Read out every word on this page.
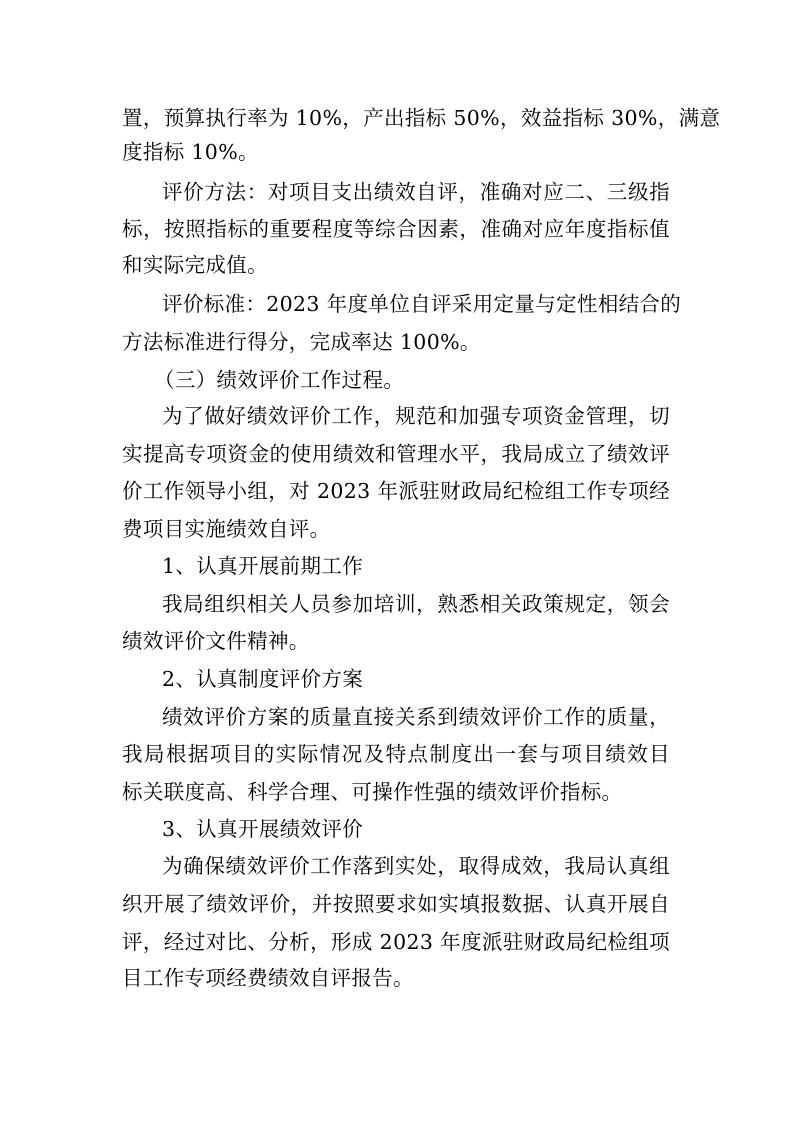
置，预算执行率为 10%，产出指标 50%，效益指标 30%，满意
度指标 10%。
评价方法：对项目支出绩效自评，准确对应二、三级指
标，按照指标的重要程度等综合因素，准确对应年度指标值
和实际完成值。
评价标准：2023 年度单位自评采用定量与定性相结合的
方法标准进行得分，完成率达 100%。
（三）绩效评价工作过程。
为了做好绩效评价工作，规范和加强专项资金管理，切
实提高专项资金的使用绩效和管理水平，我局成立了绩效评
价工作领导小组，对 2023 年派驻财政局纪检组工作专项经
费项目实施绩效自评。
1、认真开展前期工作
我局组织相关人员参加培训，熟悉相关政策规定，领会
绩效评价文件精神。
2、认真制度评价方案
绩效评价方案的质量直接关系到绩效评价工作的质量，
我局根据项目的实际情况及特点制度出一套与项目绩效目
标关联度高、科学合理、可操作性强的绩效评价指标。
3、认真开展绩效评价
为确保绩效评价工作落到实处，取得成效，我局认真组
织开展了绩效评价，并按照要求如实填报数据、认真开展自
评，经过对比、分析，形成 2023 年度派驻财政局纪检组项
目工作专项经费绩效自评报告。
